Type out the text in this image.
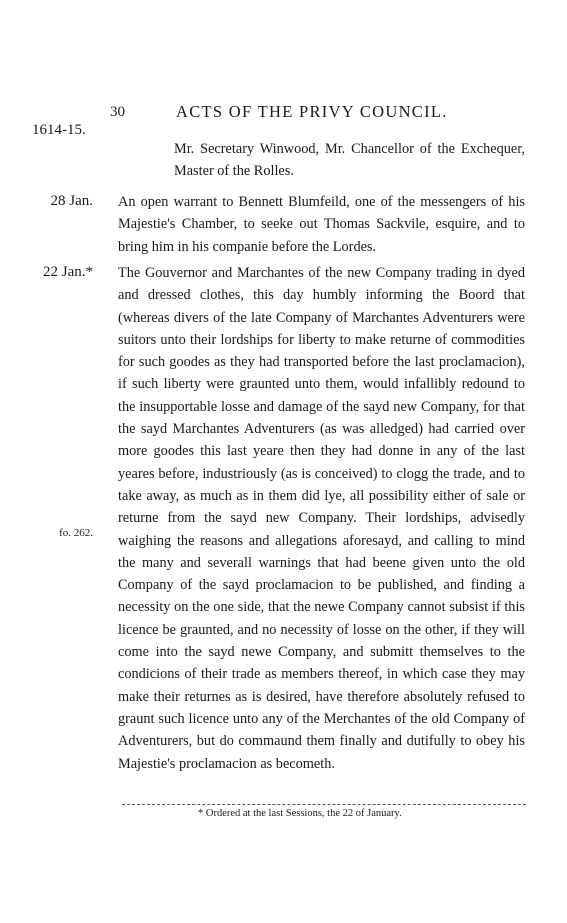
30	ACTS OF THE PRIVY COUNCIL.
1614-15.
Mr. Secretary Winwood, Mr. Chancellor of the Exchequer, Master of the Rolles.
28 Jan. An open warrant to Bennett Blumfeild, one of the messengers of his Majestie's Chamber, to seeke out Thomas Sackvile, esquire, and to bring him in his companie before the Lordes.
22 Jan.* The Gouvernor and Marchantes of the new Company trading in dyed and dressed clothes, this day humbly informing the Boord that (whereas divers of the late Company of Marchantes Adventurers were suitors unto their lordships for liberty to make returne of commodities for such goodes as they had transported before the last proclamacion), if such liberty were graunted unto them, would infallibly redound to the insupportable losse and damage of the sayd new Company, for that the sayd Marchantes Adventurers (as was alledged) had carried over more goodes this last yeare then they had donne in any of the last yeares before, industriously (as is conceived) to clogg the trade, and to take away, as much as in them did lye, all possibility either of sale or returne from the sayd new Company. Their lordships, advisedly waighing the reasons and allegations aforesayd, and calling to mind the many and severall warnings that had beene given unto the old Company of the sayd proclamacion to be published, and finding a necessity on the one side, that the newe Company cannot subsist if this licence be graunted, and no necessity of losse on the other, if they will come into the sayd newe Company, and submitt themselves to the condicions of their trade as members thereof, in which case they may make their returnes as is desired, have therefore absolutely refused to graunt such licence unto any of the Merchantes of the old Company of Adventurers, but do commaund them finally and dutifully to obey his Majestie's proclamacion as becometh.
fo. 262.
* Ordered at the last Sessions, the 22 of January.
